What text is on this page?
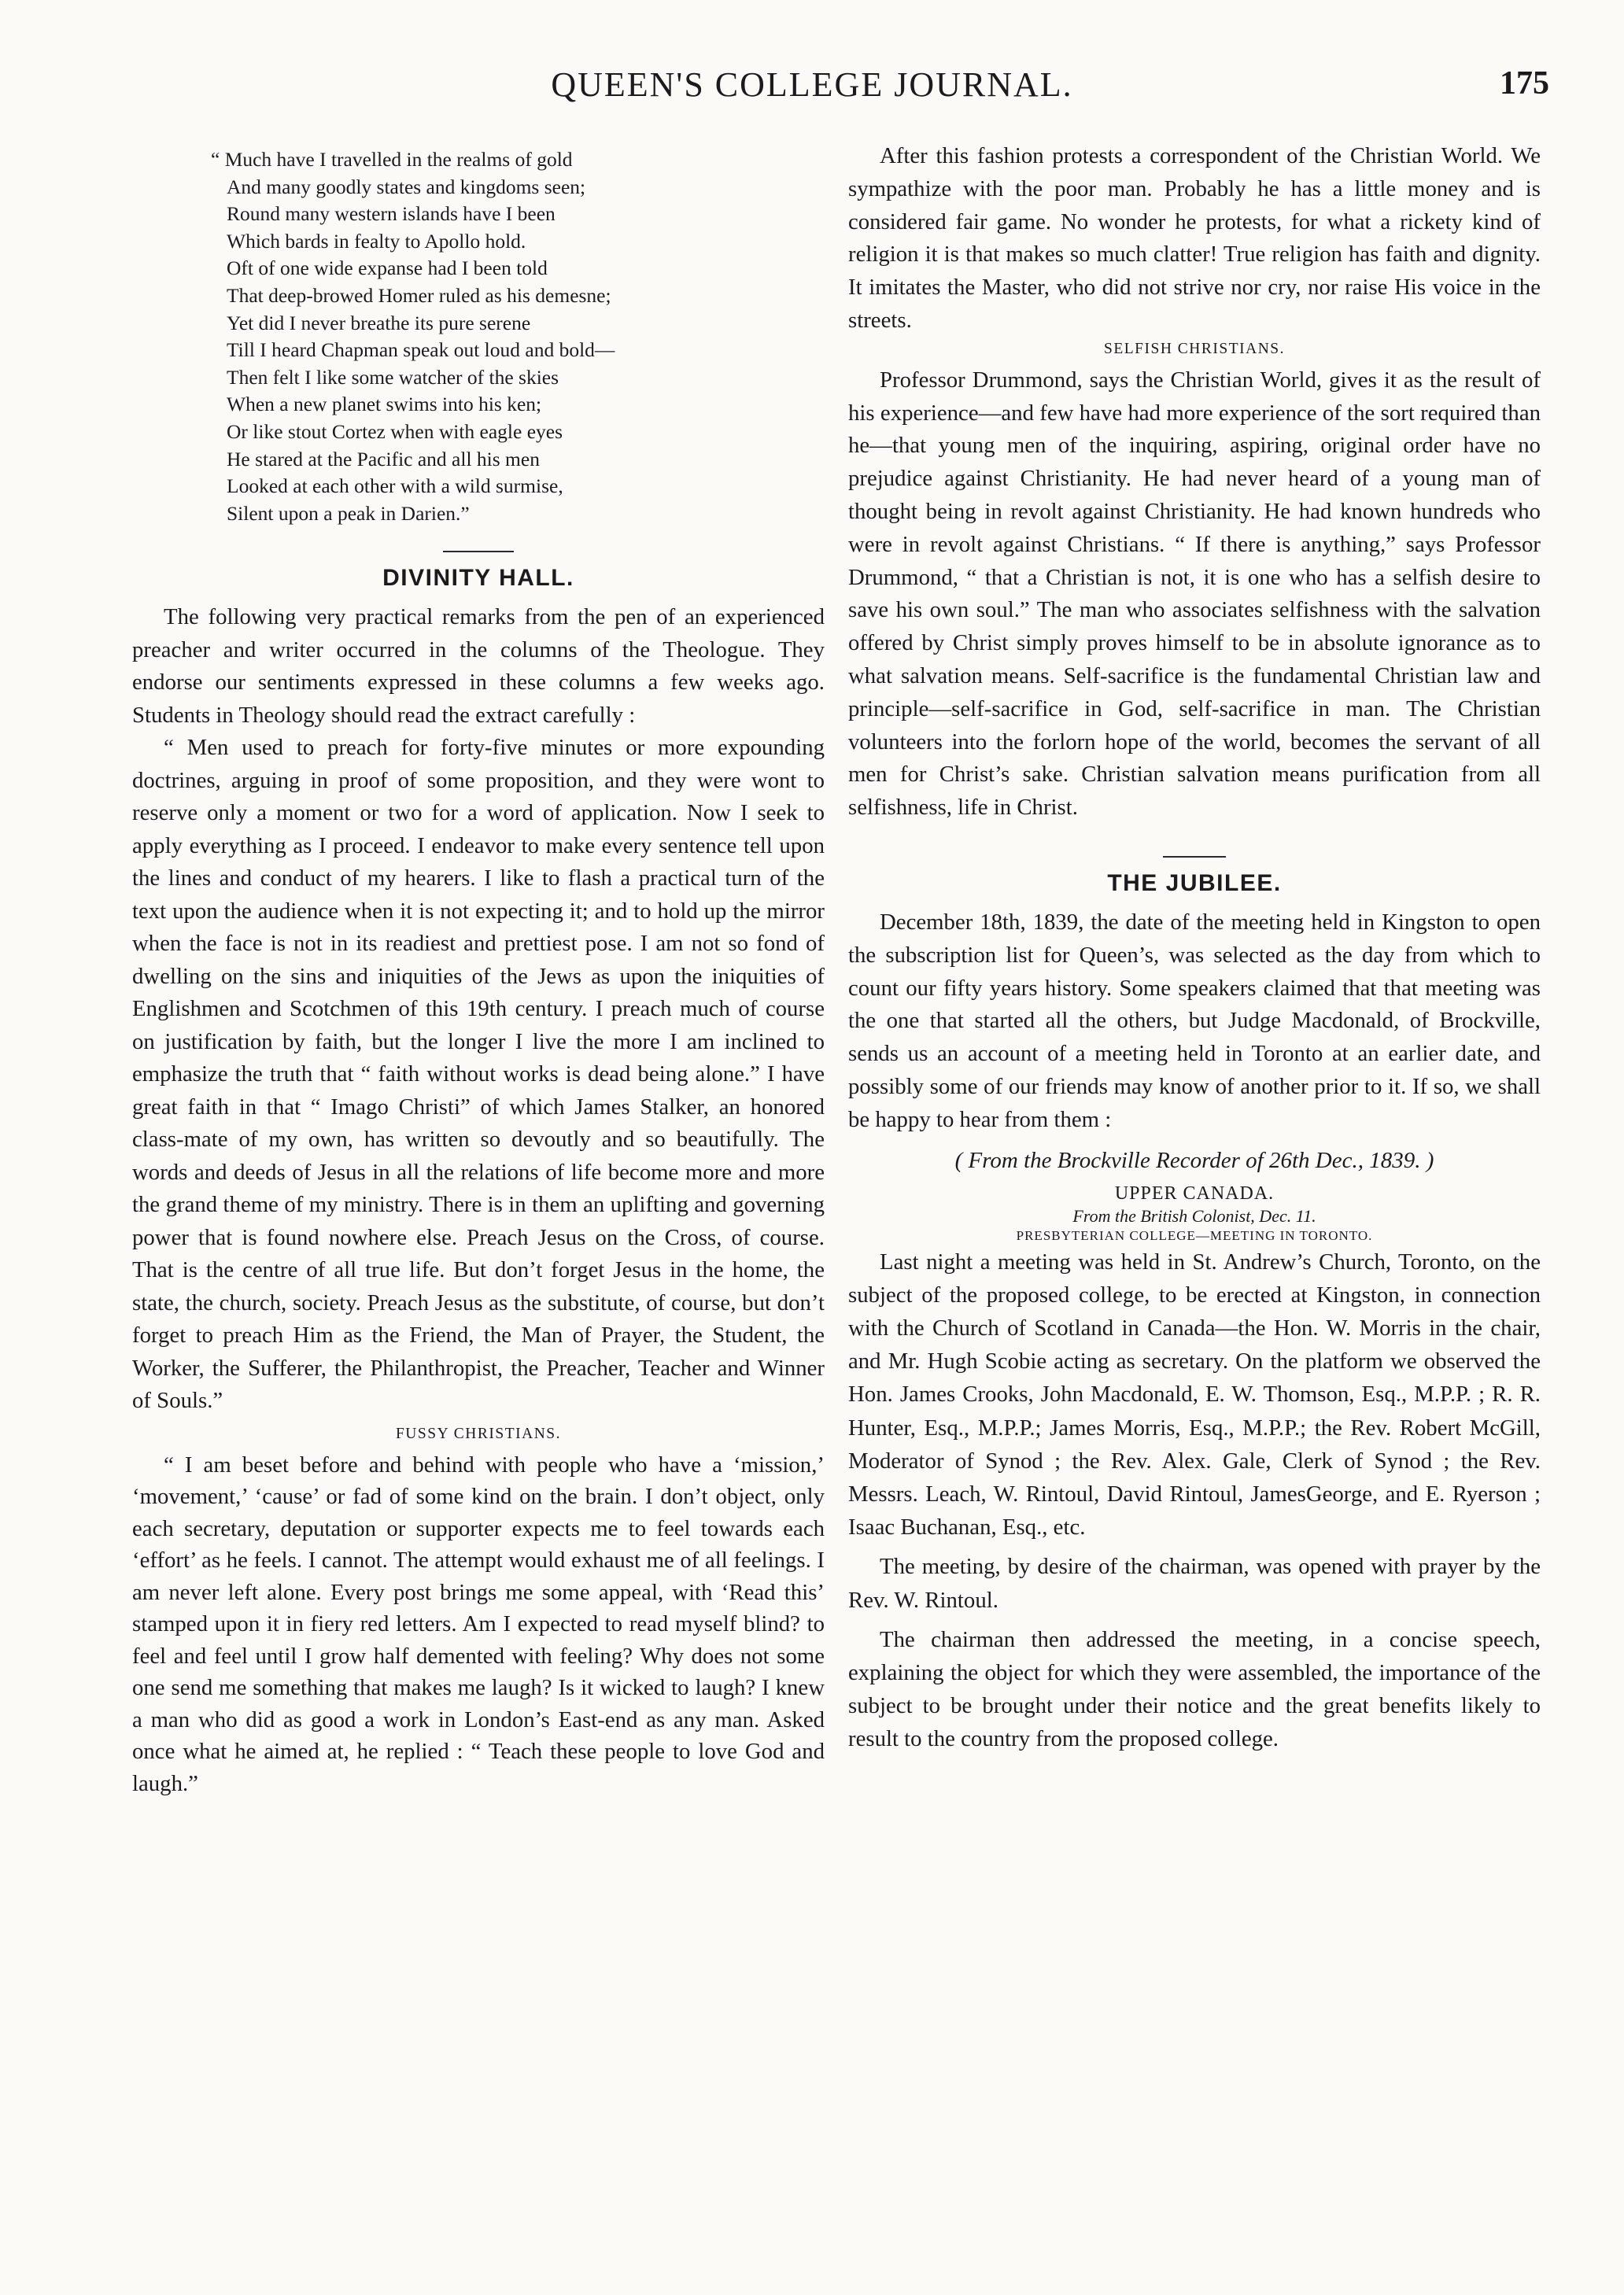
QUEEN'S COLLEGE JOURNAL.	175
“ Much have I travelled in the realms of gold
And many goodly states and kingdoms seen;
Round many western islands have I been
Which bards in fealty to Apollo hold.
Oft of one wide expanse had I been told
That deep-browed Homer ruled as his demesne;
Yet did I never breathe its pure serene
Till I heard Chapman speak out loud and bold—
Then felt I like some watcher of the skies
When a new planet swims into his ken;
Or like stout Cortez when with eagle eyes
He stared at the Pacific and all his men
Looked at each other with a wild surmise,
Silent upon a peak in Darien.”
DIVINITY HALL.

The following very practical remarks from the pen of an experienced preacher and writer occurred in the columns of the Theologue. They endorse our sentiments expressed in these columns a few weeks ago. Students in Theology should read the extract carefully :

“ Men used to preach for forty-five minutes or more expounding doctrines, arguing in proof of some proposition, and they were wont to reserve only a moment or two for a word of application. Now I seek to apply everything as I proceed. I endeavor to make every sentence tell upon the lines and conduct of my hearers. I like to flash a practical turn of the text upon the audience when it is not expecting it; and to hold up the mirror when the face is not in its readiest and prettiest pose. I am not so fond of dwelling on the sins and iniquities of the Jews as upon the iniquities of Englishmen and Scotchmen of this 19th century. I preach much of course on justification by faith, but the longer I live the more I am inclined to emphasize the truth that “ faith without works is dead being alone.” I have great faith in that “ Imago Christi” of which James Stalker, an honored class-mate of my own, has written so devoutly and so beautifully. The words and deeds of Jesus in all the relations of life become more and more the grand theme of my ministry. There is in them an uplifting and governing power that is found nowhere else. Preach Jesus on the Cross, of course. That is the centre of all true life. But don’t forget Jesus in the home, the state, the church, society. Preach Jesus as the substitute, of course, but don’t forget to preach Him as the Friend, the Man of Prayer, the Student, the Worker, the Sufferer, the Philanthropist, the Preacher, Teacher and Winner of Souls.”

FUSSY CHRISTIANS.

“ I am beset before and behind with people who have a ‘mission,’ ‘movement,’ ‘cause’ or fad of some kind on the brain. I don’t object, only each secretary, deputation or supporter expects me to feel towards each ‘effort’ as he feels. I cannot. The attempt would exhaust me of all feelings. I am never left alone. Every post brings me some appeal, with ‘Read this’ stamped upon it in fiery red letters. Am I expected to read myself blind? to feel and feel until I grow half demented with feeling? Why does not some one send me something that makes me laugh? Is it wicked to laugh? I knew a man who did as good a work in London’s East-end as any man. Asked once what he aimed at, he replied : “ Teach these people to love God and laugh.”

After this fashion protests a correspondent of the Christian World. We sympathize with the poor man. Probably he has a little money and is considered fair game. No wonder he protests, for what a rickety kind of religion it is that makes so much clatter! True religion has faith and dignity. It imitates the Master, who did not strive nor cry, nor raise His voice in the streets.

SELFISH CHRISTIANS.

Professor Drummond, says the Christian World, gives it as the result of his experience—and few have had more experience of the sort required than he—that young men of the inquiring, aspiring, original order have no prejudice against Christianity. He had never heard of a young man of thought being in revolt against Christianity. He had known hundreds who were in revolt against Christians. “ If there is anything,” says Professor Drummond, “ that a Christian is not, it is one who has a selfish desire to save his own soul.” The man who associates selfishness with the salvation offered by Christ simply proves himself to be in absolute ignorance as to what salvation means. Self-sacrifice is the fundamental Christian law and principle—self-sacrifice in God, self-sacrifice in man. The Christian volunteers into the forlorn hope of the world, becomes the servant of all men for Christ’s sake. Christian salvation means purification from all selfishness, life in Christ.

THE JUBILEE.

December 18th, 1839, the date of the meeting held in Kingston to open the subscription list for Queen’s, was selected as the day from which to count our fifty years history. Some speakers claimed that that meeting was the one that started all the others, but Judge Macdonald, of Brockville, sends us an account of a meeting held in Toronto at an earlier date, and possibly some of our friends may know of another prior to it. If so, we shall be happy to hear from them :

( From the Brockville Recorder of 26th Dec., 1839. )
UPPER CANADA.
From the British Colonist, Dec. 11.
PRESBYTERIAN COLLEGE—MEETING IN TORONTO.

Last night a meeting was held in St. Andrew’s Church, Toronto, on the subject of the proposed college, to be erected at Kingston, in connection with the Church of Scotland in Canada—the Hon. W. Morris in the chair, and Mr. Hugh Scobie acting as secretary. On the platform we observed the Hon. James Crooks, John Macdonald, E. W. Thomson, Esq., M.P.P. ; R. R. Hunter, Esq., M.P.P.; James Morris, Esq., M.P.P.; the Rev. Robert McGill, Moderator of Synod ; the Rev. Alex. Gale, Clerk of Synod ; the Rev. Messrs. Leach, W. Rintoul, David Rintoul, JamesGeorge, and E. Ryerson ; Isaac Buchanan, Esq., etc.

The meeting, by desire of the chairman, was opened with prayer by the Rev. W. Rintoul.

The chairman then addressed the meeting, in a concise speech, explaining the object for which they were assembled, the importance of the subject to be brought under their notice and the great benefits likely to result to the country from the proposed college.
